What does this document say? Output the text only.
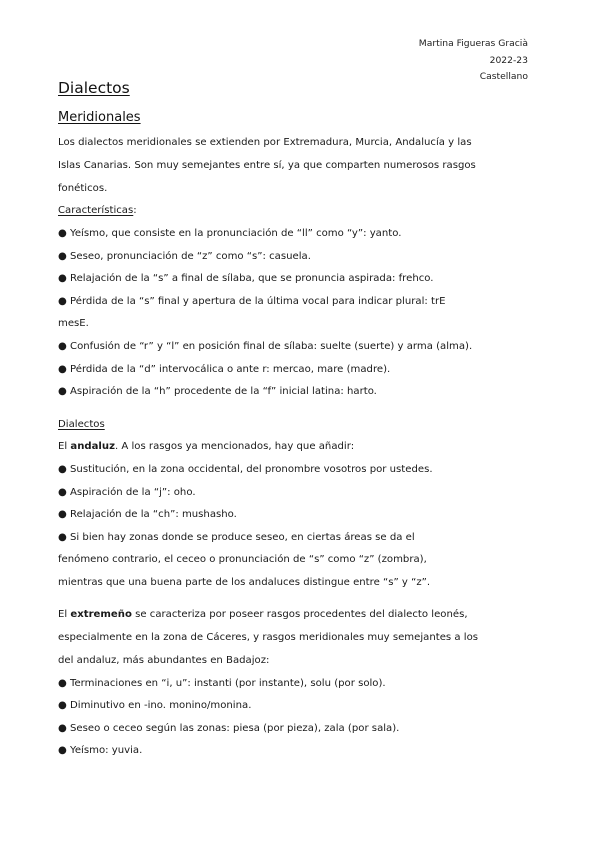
Martina Figueras Gracià
2022-23
Castellano
Dialectos
Meridionales
Los dialectos meridionales se extienden por Extremadura, Murcia, Andalucía y las
Islas Canarias. Son muy semejantes entre sí, ya que comparten numerosos rasgos
fonéticos.
Características:
● Yeísmo, que consiste en la pronunciación de “ll” como “y”: yanto.
● Seseo, pronunciación de “z” como “s”: casuela.
● Relajación de la “s” a final de sílaba, que se pronuncia aspirada: frehco.
● Pérdida de la “s” final y apertura de la última vocal para indicar plural: trE
mesE.
● Confusión de “r” y “l” en posición final de sílaba: suelte (suerte) y arma (alma).
● Pérdida de la “d” intervocálica o ante r: mercao, mare (madre).
● Aspiración de la “h” procedente de la “f” inicial latina: harto.
Dialectos
El andaluz. A los rasgos ya mencionados, hay que añadir:
● Sustitución, en la zona occidental, del pronombre vosotros por ustedes.
● Aspiración de la “j”: oho.
● Relajación de la “ch”: mushasho.
● Si bien hay zonas donde se produce seseo, en ciertas áreas se da el
fenómeno contrario, el ceceo o pronunciación de “s” como “z” (zombra),
mientras que una buena parte de los andaluces distingue entre “s” y “z”.
El extremeño se caracteriza por poseer rasgos procedentes del dialecto leonés,
especialmente en la zona de Cáceres, y rasgos meridionales muy semejantes a los
del andaluz, más abundantes en Badajoz:
● Terminaciones en “i, u”: instanti (por instante), solu (por solo).
● Diminutivo en -ino. monino/monina.
● Seseo o ceceo según las zonas: piesa (por pieza), zala (por sala).
● Yeísmo: yuvia.
